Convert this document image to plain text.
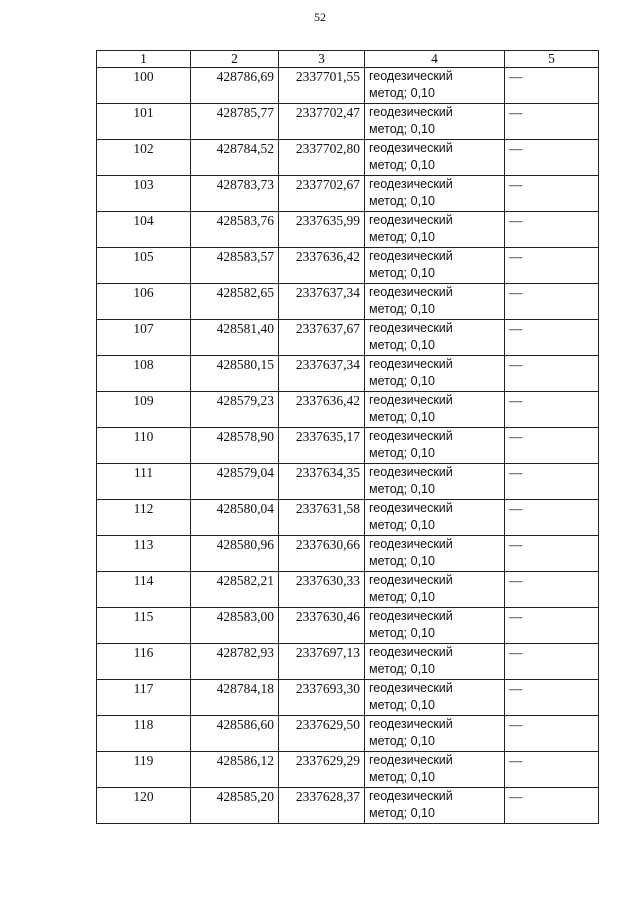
52
1	2	3	4	5
100	428786,69	2337701,55	геодезический
метод; 0,10	—
101	428785,77	2337702,47	геодезический
метод; 0,10	—
102	428784,52	2337702,80	геодезический
метод; 0,10	—
103	428783,73	2337702,67	геодезический
метод; 0,10	—
104	428583,76	2337635,99	геодезический
метод; 0,10	—
105	428583,57	2337636,42	геодезический
метод; 0,10	—
106	428582,65	2337637,34	геодезический
метод; 0,10	—
107	428581,40	2337637,67	геодезический
метод; 0,10	—
108	428580,15	2337637,34	геодезический
метод; 0,10	—
109	428579,23	2337636,42	геодезический
метод; 0,10	—
110	428578,90	2337635,17	геодезический
метод; 0,10	—
111	428579,04	2337634,35	геодезический
метод; 0,10	—
112	428580,04	2337631,58	геодезический
метод; 0,10	—
113	428580,96	2337630,66	геодезический
метод; 0,10	—
114	428582,21	2337630,33	геодезический
метод; 0,10	—
115	428583,00	2337630,46	геодезический
метод; 0,10	—
116	428782,93	2337697,13	геодезический
метод; 0,10	—
117	428784,18	2337693,30	геодезический
метод; 0,10	—
118	428586,60	2337629,50	геодезический
метод; 0,10	—
119	428586,12	2337629,29	геодезический
метод; 0,10	—
120	428585,20	2337628,37	геодезический
метод; 0,10	—
